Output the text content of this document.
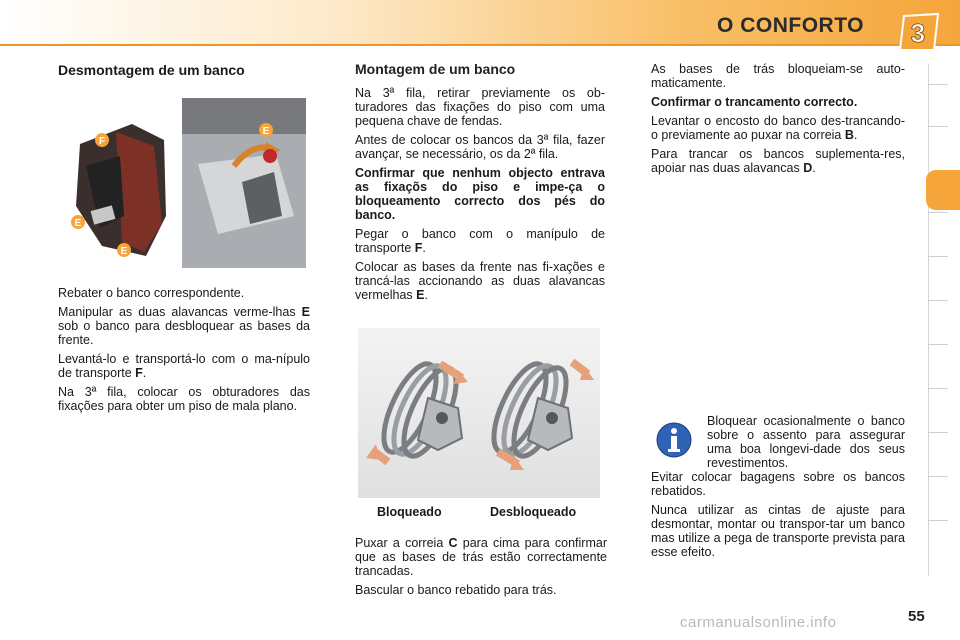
O CONFORTO 3
Desmontagem de um banco
F
E
E
E

Rebater o banco correspondente.

Manipular as duas alavancas verme-lhas E sob o banco para desbloquear as bases da frente.

Levantá-lo e transportá-lo com o ma-nípulo de transporte F.

Na 3ª fila, colocar os obturadores das fixações para obter um piso de mala plano.

Montagem de um banco

Na 3ª fila, retirar previamente os ob-turadores das fixações do piso com uma pequena chave de fendas.

Antes de colocar os bancos da 3ª fila, fazer avançar, se necessário, os da 2ª fila.

Confirmar que nenhum objecto entrava as fixaçõs do piso e impe-ça o bloqueamento correcto dos pés do banco.

Pegar o banco com o manípulo de transporte F.

Colocar as bases da frente nas fi-xações e trancá-las accionando as duas alavancas vermelhas E.

Bloqueado	Desbloqueado

Puxar a correia C para cima para confirmar que as bases de trás estão correctamente trancadas.

Bascular o banco rebatido para trás.

As bases de trás bloqueiam-se auto-maticamente.

Confirmar o trancamento correcto.

Levantar o encosto do banco des-trancando-o previamente ao puxar na correia B.

Para trancar os bancos suplementa-res, apoiar nas duas alavancas D.

Bloquear ocasionalmente o banco sobre o assento para assegurar uma boa longevi-dade dos seus revestimentos.

Evitar colocar bagagens sobre os bancos rebatidos.

Nunca utilizar as cintas de ajuste para desmontar, montar ou transpor-tar um banco mas utilize a pega de transporte prevista para esse efeito.

carmanualsonline.info	55
